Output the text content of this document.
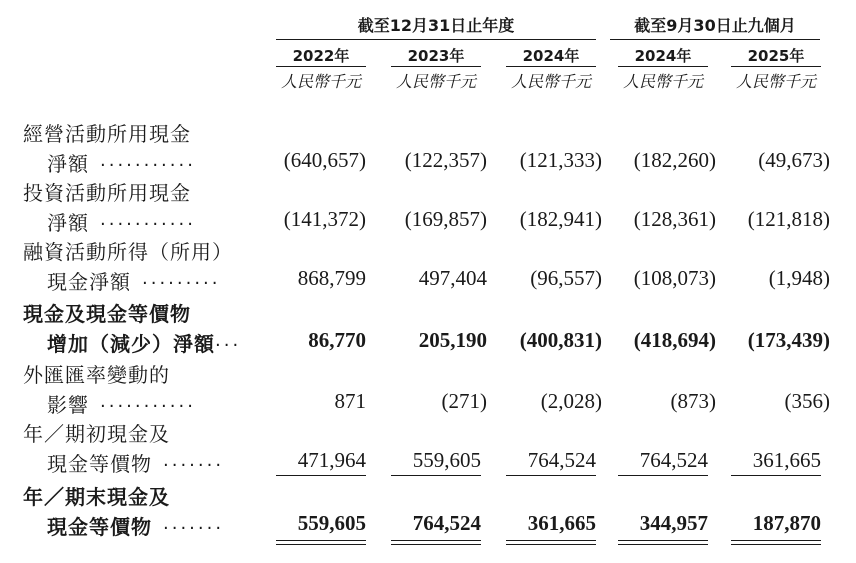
截至12月31日止年度	截至9月30日止九個月
2022年	2023年	2024年	2024年	2025年
人民幣千元	人民幣千元	人民幣千元	人民幣千元	人民幣千元
經營活動所用現金
淨額 ...........	(640,657)	(122,357)	(121,333)	(182,260)	(49,673)
投資活動所用現金
淨額 ...........	(141,372)	(169,857)	(182,941)	(128,361)	(121,818)
融資活動所得（所用）
現金淨額 .........	868,799	497,404	(96,557)	(108,073)	(1,948)
現金及現金等價物
增加（減少）淨額 ...	86,770	205,190	(400,831)	(418,694)	(173,439)
外匯匯率變動的
影響 ...........	871	(271)	(2,028)	(873)	(356)
年／期初現金及
現金等價物 .......	471,964	559,605	764,524	764,524	361,665
年／期末現金及
現金等價物 .......	559,605	764,524	361,665	344,957	187,870
